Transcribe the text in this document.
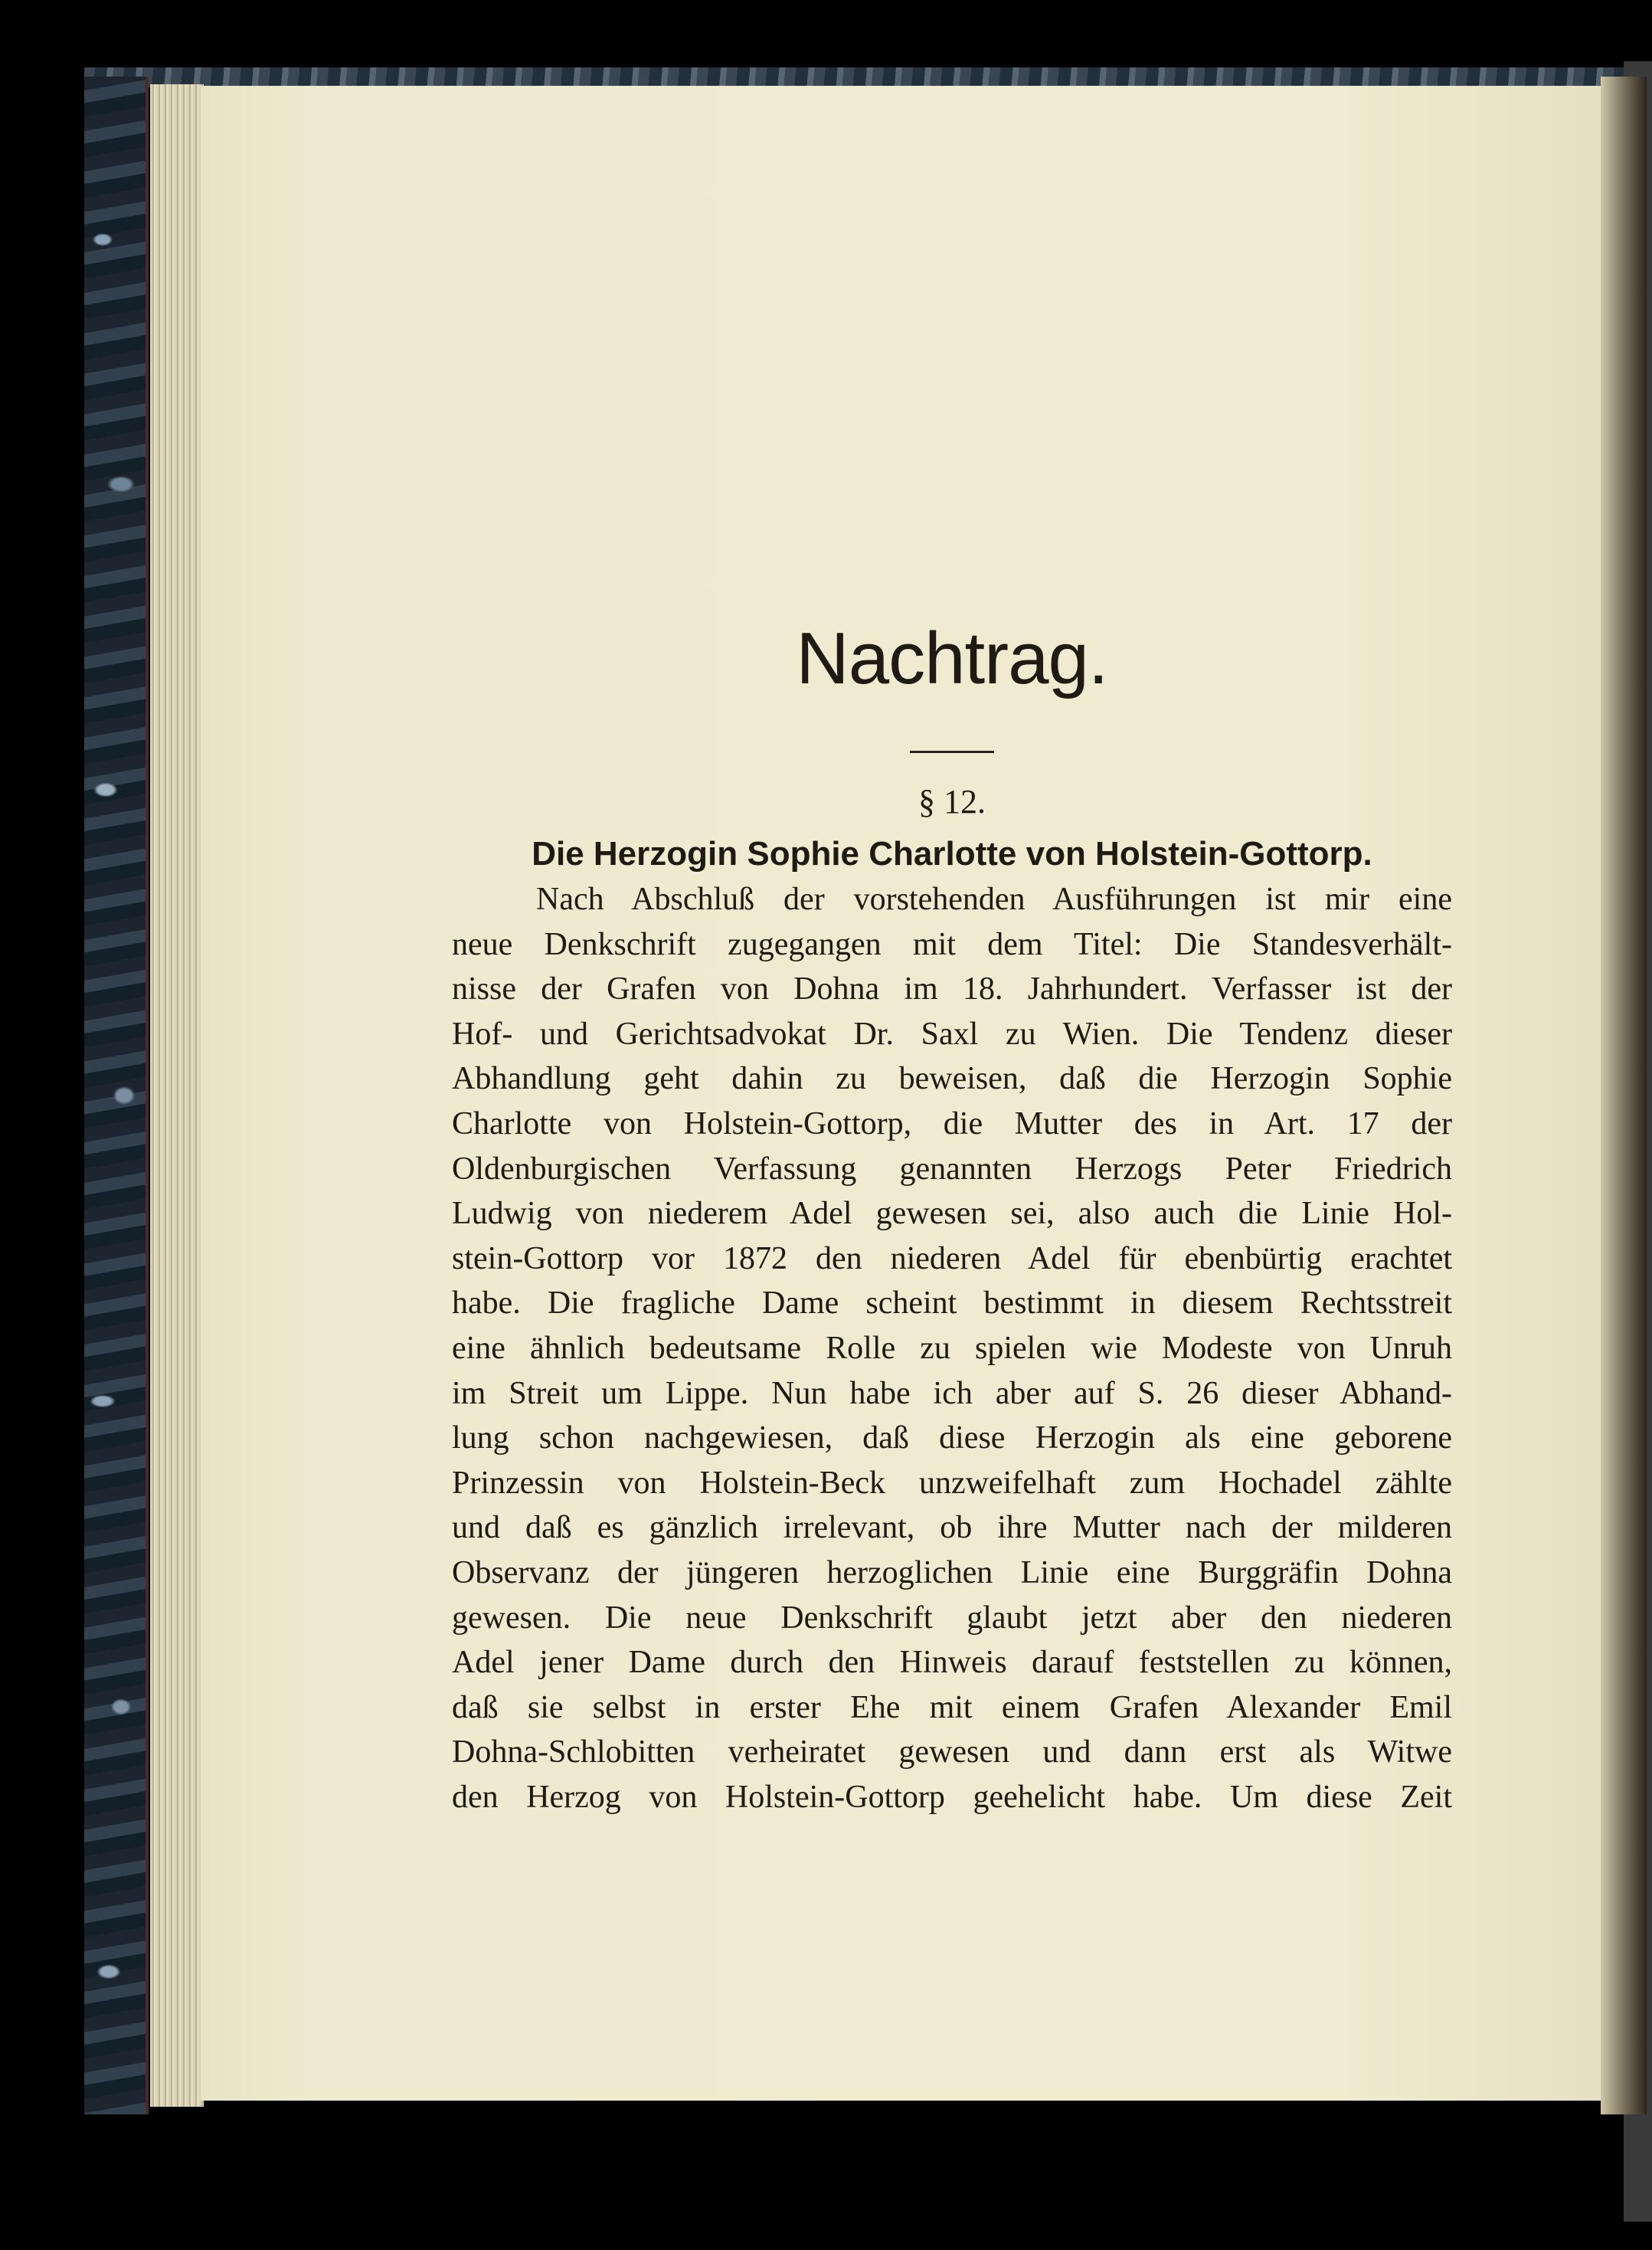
Nachtrag.
§ 12.
Die Herzogin Sophie Charlotte von Holstein-Gottorp.
Nach Abschluß der vorstehenden Ausführungen ist mir eine
neue Denkschrift zugegangen mit dem Titel: Die Standesverhält-
nisse der Grafen von Dohna im 18. Jahrhundert. Verfasser ist der
Hof- und Gerichtsadvokat Dr. Saxl zu Wien. Die Tendenz dieser
Abhandlung geht dahin zu beweisen, daß die Herzogin Sophie
Charlotte von Holstein-Gottorp, die Mutter des in Art. 17 der
Oldenburgischen Verfassung genannten Herzogs Peter Friedrich
Ludwig von niederem Adel gewesen sei, also auch die Linie Hol-
stein-Gottorp vor 1872 den niederen Adel für ebenbürtig erachtet
habe. Die fragliche Dame scheint bestimmt in diesem Rechtsstreit
eine ähnlich bedeutsame Rolle zu spielen wie Modeste von Unruh
im Streit um Lippe. Nun habe ich aber auf S. 26 dieser Abhand-
lung schon nachgewiesen, daß diese Herzogin als eine geborene
Prinzessin von Holstein-Beck unzweifelhaft zum Hochadel zählte
und daß es gänzlich irrelevant, ob ihre Mutter nach der milderen
Observanz der jüngeren herzoglichen Linie eine Burggräfin Dohna
gewesen. Die neue Denkschrift glaubt jetzt aber den niederen
Adel jener Dame durch den Hinweis darauf feststellen zu können,
daß sie selbst in erster Ehe mit einem Grafen Alexander Emil
Dohna-Schlobitten verheiratet gewesen und dann erst als Witwe
den Herzog von Holstein-Gottorp geehelicht habe. Um diese Zeit
